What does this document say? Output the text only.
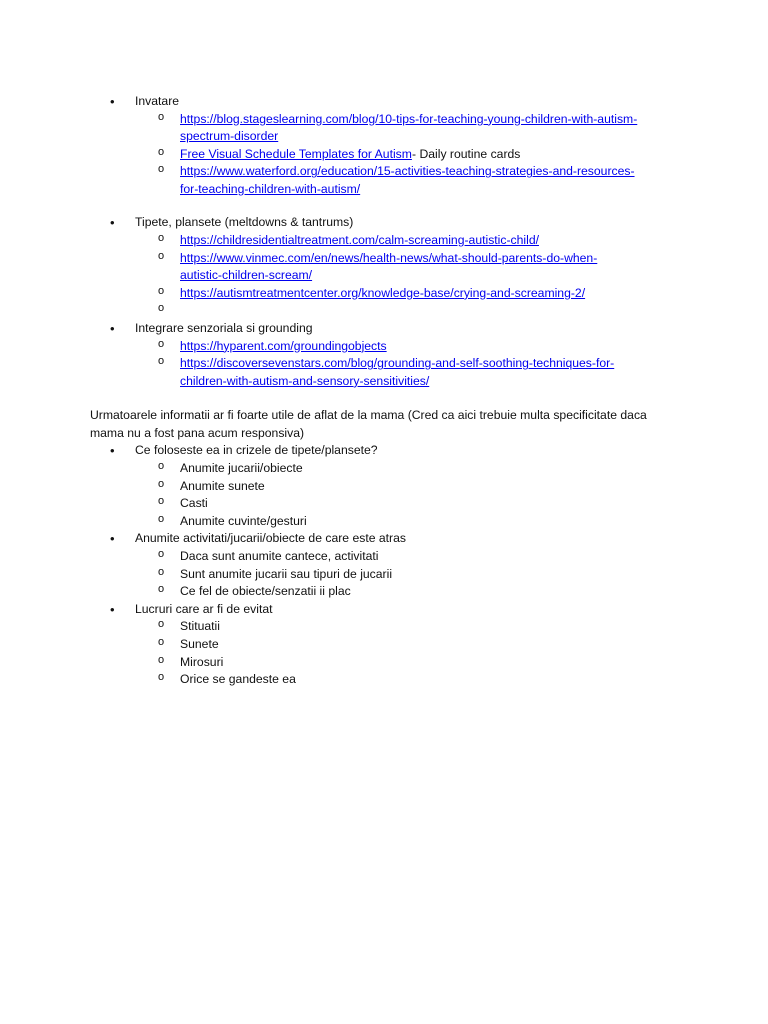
• Invatare
o https://blog.stageslearning.com/blog/10-tips-for-teaching-young-children-with-autism-
spectrum-disorder
o Free Visual Schedule Templates for Autism - Daily routine cards
o https://www.waterford.org/education/15-activities-teaching-strategies-and-resources-
for-teaching-children-with-autism/
• Tipete, plansete (meltdowns & tantrums)
o https://childresidentialtreatment.com/calm-screaming-autistic-child/
o https://www.vinmec.com/en/news/health-news/what-should-parents-do-when-
autistic-children-scream/
o https://autismtreatmentcenter.org/knowledge-base/crying-and-screaming-2/
o
• Integrare senzoriala si grounding
o https://hyparent.com/groundingobjects
o https://discoversevenstars.com/blog/grounding-and-self-soothing-techniques-for-
children-with-autism-and-sensory-sensitivities/
Urmatoarele informatii ar fi foarte utile de aflat de la mama (Cred ca aici trebuie multa specificitate daca
mama nu a fost pana acum responsiva)
• Ce foloseste ea in crizele de tipete/plansete?
o Anumite jucarii/obiecte
o Anumite sunete
o Casti
o Anumite cuvinte/gesturi
• Anumite activitati/jucarii/obiecte de care este atras
o Daca sunt anumite cantece, activitati
o Sunt anumite jucarii sau tipuri de jucarii
o Ce fel de obiecte/senzatii ii plac
• Lucruri care ar fi de evitat
o Stituatii
o Sunete
o Mirosuri
o Orice se gandeste ea
